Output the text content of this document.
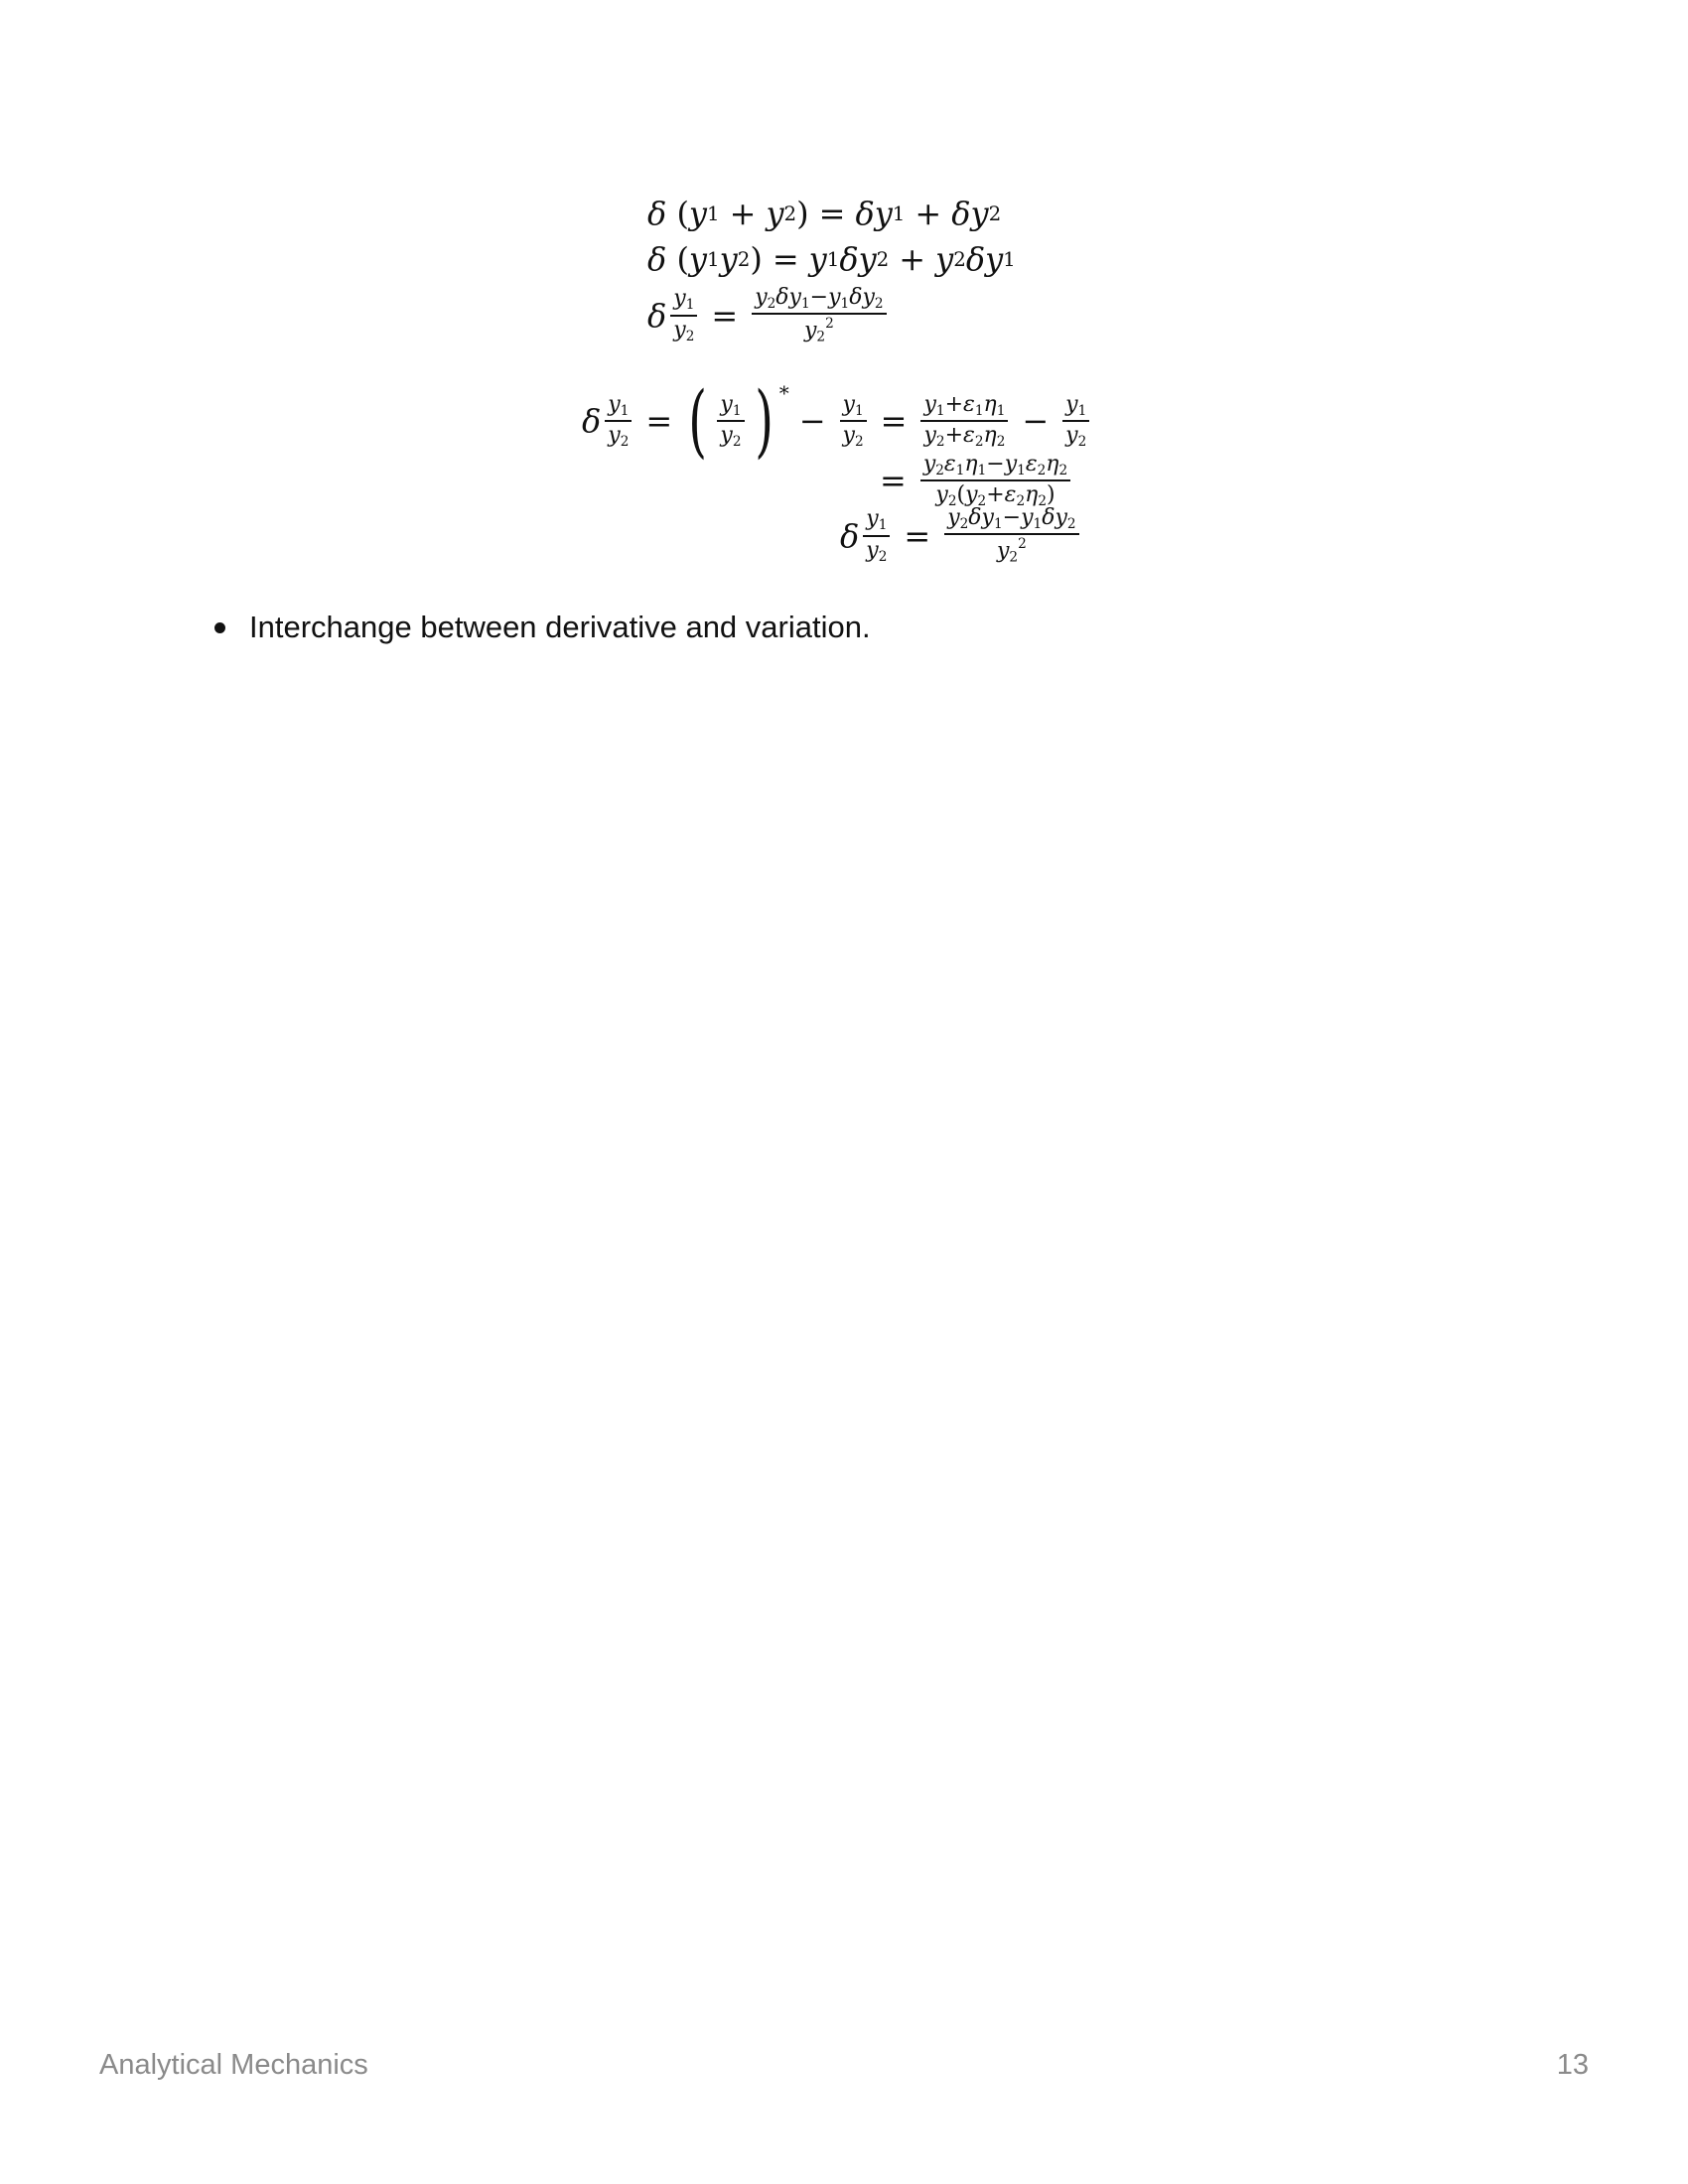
δ ( y 1 + y 2 ) = δy 1 + δy 2
δ ( y 1 y 2 ) = y 1 δy 2 + y 2 δy 1
δ $\frac{y_1}{y_2} = \frac{y_2\delta y_1-y_1\delta y_2}{y_2^2}$
δ $\frac{y_1}{y_2}$ = ( $\frac{y_1}{y_2}$ ) *
− $\frac{y_1}{y_2} = \frac{y_1+\varepsilon_1\eta_1}{y_2+\varepsilon_2\eta_2} - \frac{y_1}{y_2}$
= $\frac{y_2\varepsilon_1\eta_1-y_1\varepsilon_2\eta_2}{y_2(y_2+\varepsilon_2\eta_2)}$
δ $\frac{y_1}{y_2} = \frac{y_2\delta y_1-y_1\delta y_2}{y_2^2}$
Interchange between derivative and variation.
Analytical Mechanics	13
